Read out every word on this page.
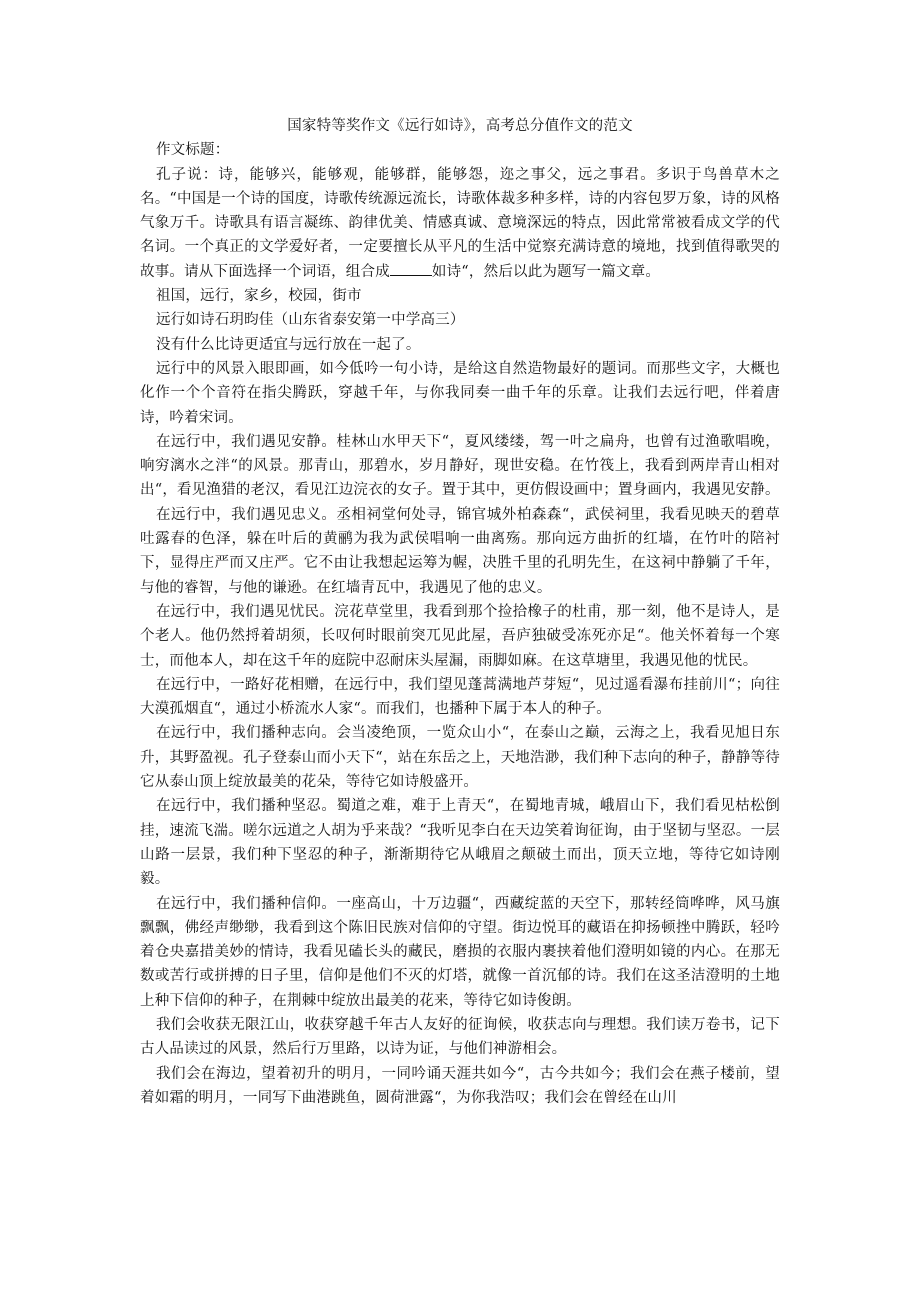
国家特等奖作文《远行如诗》，高考总分值作文的范文

作文标题：

孔子说：诗，能够兴，能够观，能够群，能够怨，迩之事父，远之事君。多识于鸟兽草木之名。“中国是一个诗的国度，诗歌传统源远流长，诗歌体裁多种多样，诗的内容包罗万象，诗的风格气象万千。诗歌具有语言凝练、韵律优美、情感真诚、意境深远的特点，因此常常被看成文学的代名词。一个真正的文学爱好者，一定要擅长从平凡的生活中觉察充满诗意的境地，找到值得歌哭的故事。请从下面选择一个词语，组合成	如诗“，然后以此为题写一篇文章。

祖国，远行，家乡，校园，街市

远行如诗石玥昀佳（山东省泰安第一中学高三）

没有什么比诗更适宜与远行放在一起了。

远行中的风景入眼即画，如今低吟一句小诗，是给这自然造物最好的题词。而那些文字，大概也化作一个个音符在指尖腾跃，穿越千年，与你我同奏一曲千年的乐章。让我们去远行吧，伴着唐诗，吟着宋词。

在远行中，我们遇见安静。桂林山水甲天下“，夏风缕缕，驾一叶之扁舟，也曾有过渔歌唱晚，响穷漓水之泮“的风景。那青山，那碧水，岁月静好，现世安稳。在竹筏上，我看到两岸青山相对出“，看见渔猎的老汉，看见江边浣衣的女子。置于其中，更仿假设画中；置身画内，我遇见安静。

在远行中，我们遇见忠义。丞相祠堂何处寻，锦官城外柏森森“，武侯祠里，我看见映天的碧草吐露春的色泽，躲在叶后的黄鹂为我为武侯唱响一曲离殇。那向远方曲折的红墙，在竹叶的陪衬下，显得庄严而又庄严。它不由让我想起运筹为幄，决胜千里的孔明先生，在这祠中静躺了千年，与他的睿智，与他的谦逊。在红墙青瓦中，我遇见了他的忠义。

在远行中，我们遇见忧民。浣花草堂里，我看到那个捡拾橡子的杜甫，那一刻，他不是诗人，是个老人。他仍然捋着胡须，长叹何时眼前突兀见此屋，吾庐独破受冻死亦足“。他关怀着每一个寒士，而他本人，却在这千年的庭院中忍耐床头屋漏，雨脚如麻。在这草塘里，我遇见他的忧民。

在远行中，一路好花相赠，在远行中，我们望见蓬蒿满地芦芽短“，见过遥看瀑布挂前川“；向往大漠孤烟直“，通过小桥流水人家“。而我们，也播种下属于本人的种子。

在远行中，我们播种志向。会当凌绝顶，一览众山小“，在泰山之巅，云海之上，我看见旭日东升，其野盈视。孔子登泰山而小天下“，站在东岳之上，天地浩渺，我们种下志向的种子，静静等待它从泰山顶上绽放最美的花朵，等待它如诗般盛开。

在远行中，我们播种坚忍。蜀道之难，难于上青天“，在蜀地青城，峨眉山下，我们看见枯松倒挂，速流飞湍。嗟尔远道之人胡为乎来哉？“我听见李白在天边笑着询征询，由于坚韧与坚忍。一层山路一层景，我们种下坚忍的种子，渐渐期待它从峨眉之颠破土而出，顶天立地，等待它如诗刚毅。

在远行中，我们播种信仰。一座高山，十万边疆“，西藏绽蓝的天空下，那转经筒哗哗，风马旗飘飘，佛经声缈缈，我看到这个陈旧民族对信仰的守望。街边悦耳的藏语在抑扬顿挫中腾跃，轻吟着仓央嘉措美妙的情诗，我看见磕长头的藏民，磨损的衣服内裹挟着他们澄明如镜的内心。在那无数或苦行或拼搏的日子里，信仰是他们不灭的灯塔，就像一首沉郁的诗。我们在这圣洁澄明的土地上种下信仰的种子，在荆棘中绽放出最美的花来，等待它如诗俊朗。

我们会收获无限江山，收获穿越千年古人友好的征询候，收获志向与理想。我们读万卷书，记下古人品读过的风景，然后行万里路，以诗为证，与他们神游相会。

我们会在海边，望着初升的明月，一同吟诵天涯共如今“，古今共如今；我们会在燕子楼前，望着如霜的明月，一同写下曲港跳鱼，圆荷泄露“，为你我浩叹；我们会在曾经在山川
